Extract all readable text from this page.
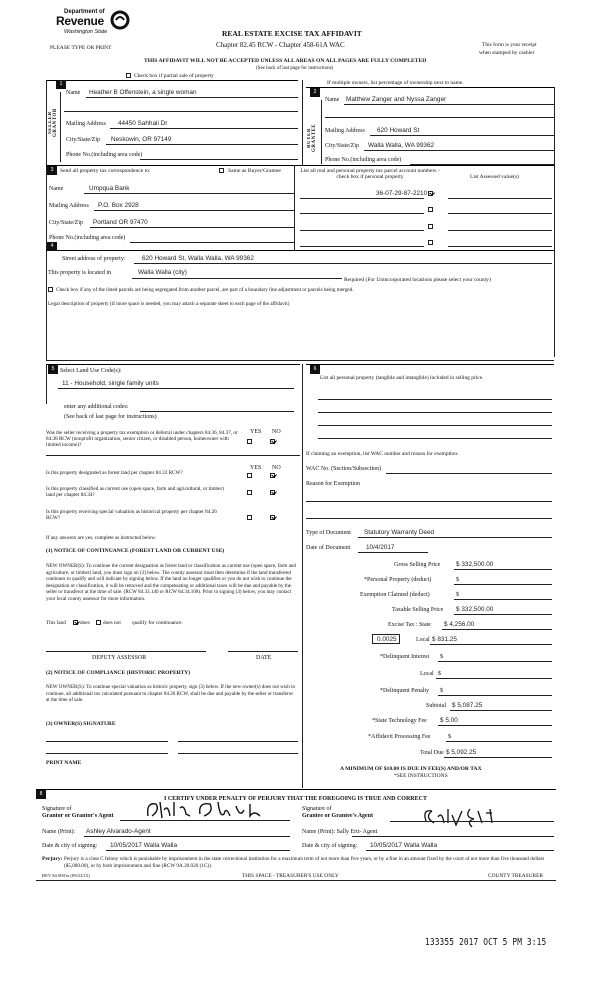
Department of
Revenue
Washington State
PLEASE TYPE OR PRINT
REAL ESTATE EXCISE TAX AFFIDAVIT
Chapter 82.45 RCW - Chapter 458-61A WAC	This form is your receipt
when stamped by cashier
THIS AFFIDAVIT WILL NOT BE ACCEPTED UNLESS ALL AREAS ON ALL PAGES ARE FULLY COMPLETED
(See back of last page for instructions)
Check box if partial sale of property
If multiple owners, list percentage of ownership next to name.
1
SELLER GRANTOR
Name Heather B Offenstein, a single woman
Mailing Address 44450 Sahhali Dr
City/State/Zip Neskowin, OR 97149
Phone No.(including area code)
2
BUYER GRANTEE
Name Matthew Zanger and Nyssa Zanger
Mailing Address 620 Howard St
City/State/Zip Walla Walla, WA 99362
Phone No.(including area code)
3	Send all property tax correspondence to:	Same as Buyer/Grantee
Name	Umpqua Bank
Mailing Address P.O. Box 2928
City/State/Zip Portland OR 97470
Phone No.(including area code)
List all real and personal property tax parcel account numbers - check box if personal property	List Assessed value(s)
36-07-29-87-2210
4
Street address of property:	620 Howard St, Walla Walla, WA 99362
This property is located in	Walla Walla (city)
Required (For Unincorporated locations please select your county)
Check box if any of the listed parcels are being segregated from another parcel, are part of a boundary line adjustment or parcels being merged.
Legal description of property (if more space is needed, you may attach a separate sheet to each page of the affidavit)
5 Select Land Use Code(s):
11 - Household, single family units
enter any additional codes:
(See back of last page for instructions)
YES NO
Was the seller receiving a property tax exemption or deferral under chapters 84.36, 84.37, or 84.38 RCW (nonprofit organization, senior citizen, or disabled person, homeowner with limited income)?
YES NO
Is this property designated as forest land per chapter 84.33 RCW?
Is this property classified as current use (open space, farm and agricultural, or timber) land per chapter 84.34?
Is this property receiving special valuation as historical property per chapter 84.26 RCW?
If any answers are yes, complete as instructed below.
(1) NOTICE OF CONTINUANCE (FOREST LAND OR CURRENT USE)
NEW OWNER(S): To continue the current designation as forest land or classification as current use (open space, farm and agriculture, or timber) land, you must sign on (3) below. The county assessor must then determine if the land transferred continues to qualify and will indicate by signing below. If the land no longer qualifies or you do not wish to continue the designation or classification, it will be removed and the compensating or additional taxes will be due and payable by the seller or transferor at the time of sale. (RCW 84.33.140 or RCW 84.34.108). Prior to signing (3) below, you may contact your local county assessor for more information.
This land	does	does not qualify for continuance.
DEPUTY ASSESSOR	DATE
(2) NOTICE OF COMPLIANCE (HISTORIC PROPERTY)
NEW OWNER(S): To continue special valuation as historic property, sign (3) below. If the new owner(s) does not wish to continue, all additional tax calculated pursuant to chapter 84.26 RCW, shall be due and payable by the seller or transferor at the time of sale.
(3) OWNER(S) SIGNATURE
PRINT NAME
6
List all personal property (tangible and intangible) included in selling price.
If claiming an exemption, list WAC number and reason for exemption:
WAC No. (Section/Subsection)
Reason for Exemption
Type of Document Statutory Warranty Deed
Date of Document 10/4/2017
Gross Selling Price $ 332,500.00
*Personal Property (deduct)	$
Exemption Claimed (deduct)	$
Taxable Selling Price $ 332,500.00
Excise Tax : State $ 4,256.00
0.0025	Local $ 831.25
*Delinquent Interest $
Local $
*Delinquent Penalty $
Subtotal $ 5,087.25
*State Technology Fee $ 5.00
*Affidavit Processing Fee	$
Total Due $ 5,092.25
A MINIMUM OF $10.00 IS DUE IN FEE(S) AND/OR TAX
*SEE INSTRUCTIONS
8
I CERTIFY UNDER PENALTY OF PERJURY THAT THE FOREGOING IS TRUE AND CORRECT
Signature of
Grantor or Grantor's Agent
Signature of
Grantee or Grantee's Agent
Name (Print): Ashley Alvarado-Agent	Name (Print): Sally Ertt- Agent
Date & city of signing: 10/05/2017 Walla Walla	Date & city of signing: 10/05/2017 Walla Walla
Perjury: Perjury is a class C felony which is punishable by imprisonment in the state correctional institution for a maximum term of not more than five years, or by a fine in an amount fixed by the court of not more than five thousand dollars ($5,000.00), or by both imprisonment and fine (RCW 9A.20.020 (1C)).
REV 84 0001a (09/22/15)	THIS SPACE - TREASURER'S USE ONLY	COUNTY TREASURER
133355 2017 OCT 5 PM 3:15
